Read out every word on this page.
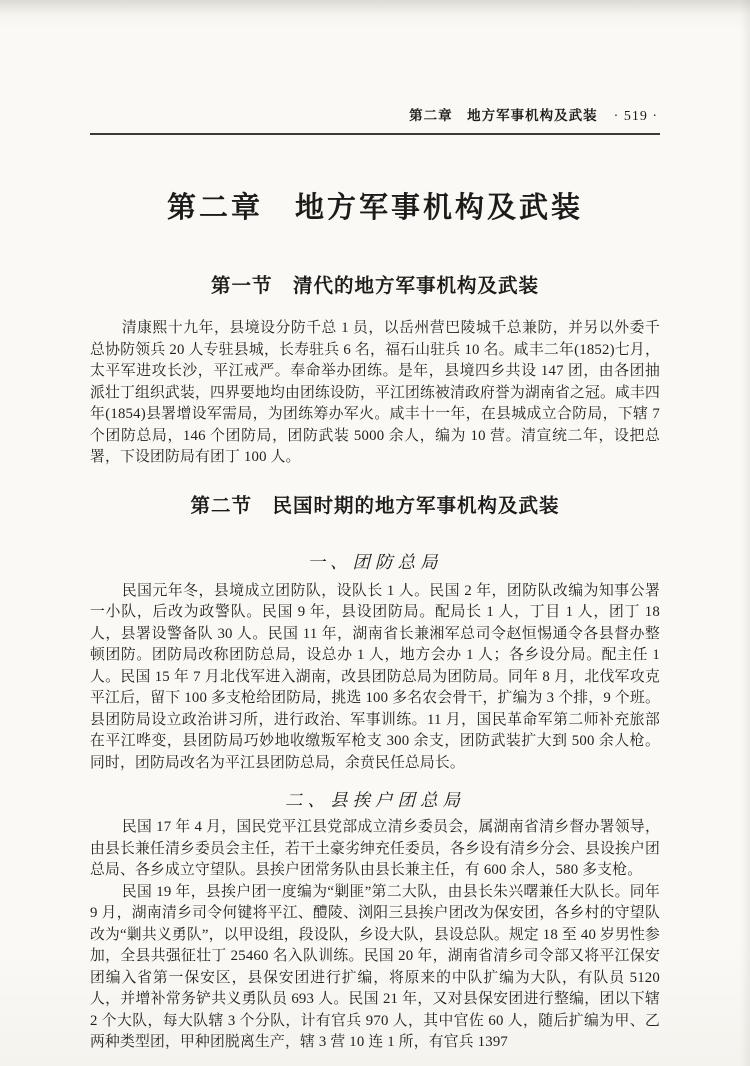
第二章　地方军事机构及武装 · 519 ·
第二章　地方军事机构及武装
第一节　清代的地方军事机构及武装

清康熙十九年，县境设分防千总 1 员，以岳州营巴陵城千总兼防，并另以外委千总协防领兵 20 人专驻县城，长寿驻兵 6 名，福石山驻兵 10 名。咸丰二年(1852)七月，太平军进攻长沙，平江戒严。奉命举办团练。是年，县境四乡共设 147 团，由各团抽派壮丁组织武装，四界要地均由团练设防，平江团练被清政府誉为湖南省之冠。咸丰四年(1854)县署增设军需局，为团练筹办军火。咸丰十一年，在县城成立合防局，下辖 7 个团防总局，146 个团防局，团防武装 5000 余人，编为 10 营。清宣统二年，设把总署，下设团防局有团丁 100 人。

第二节　民国时期的地方军事机构及武装
一、团防总局

民国元年冬，县境成立团防队，设队长 1 人。民国 2 年，团防队改编为知事公署一小队，后改为政警队。民国 9 年，县设团防局。配局长 1 人，丁目 1 人，团丁 18 人，县署设警备队 30 人。民国 11 年，湖南省长兼湘军总司令赵恒惕通令各县督办整顿团防。团防局改称团防总局，设总办 1 人，地方会办 1 人；各乡设分局。配主任 1 人。民国 15 年 7 月北伐军进入湖南，改县团防总局为团防局。同年 8 月，北伐军攻克平江后，留下 100 多支枪给团防局，挑选 100 多名农会骨干，扩编为 3 个排，9 个班。县团防局设立政治讲习所，进行政治、军事训练。11 月，国民革命军第二师补充旅部在平江哗变，县团防局巧妙地收缴叛军枪支 300 余支，团防武装扩大到 500 余人枪。同时，团防局改名为平江县团防总局，余贲民任总局长。

二、县挨户团总局

民国 17 年 4 月，国民党平江县党部成立清乡委员会，属湖南省清乡督办署领导，由县长兼任清乡委员会主任，若干土豪劣绅充任委员，各乡设有清乡分会、县设挨户团总局、各乡成立守望队。县挨户团常务队由县长兼主任，有 600 余人，580 多支枪。

民国 19 年，县挨户团一度编为“剿匪”第二大队，由县长朱兴曙兼任大队长。同年 9 月，湖南清乡司令何键将平江、醴陵、浏阳三县挨户团改为保安团，各乡村的守望队改为“剿共义勇队”，以甲设组，段设队，乡设大队，县设总队。规定 18 至 40 岁男性参加，全县共强征壮丁 25460 名入队训练。民国 20 年，湖南省清乡司令部又将平江保安团编入省第一保安区，县保安团进行扩编，将原来的中队扩编为大队，有队员 5120 人，并增补常务铲共义勇队员 693 人。民国 21 年，又对县保安团进行整编，团以下辖 2 个大队，每大队辖 3 个分队，计有官兵 970 人，其中官佐 60 人，随后扩编为甲、乙两种类型团，甲种团脱离生产，辖 3 营 10 连 1 所，有官兵 1397
